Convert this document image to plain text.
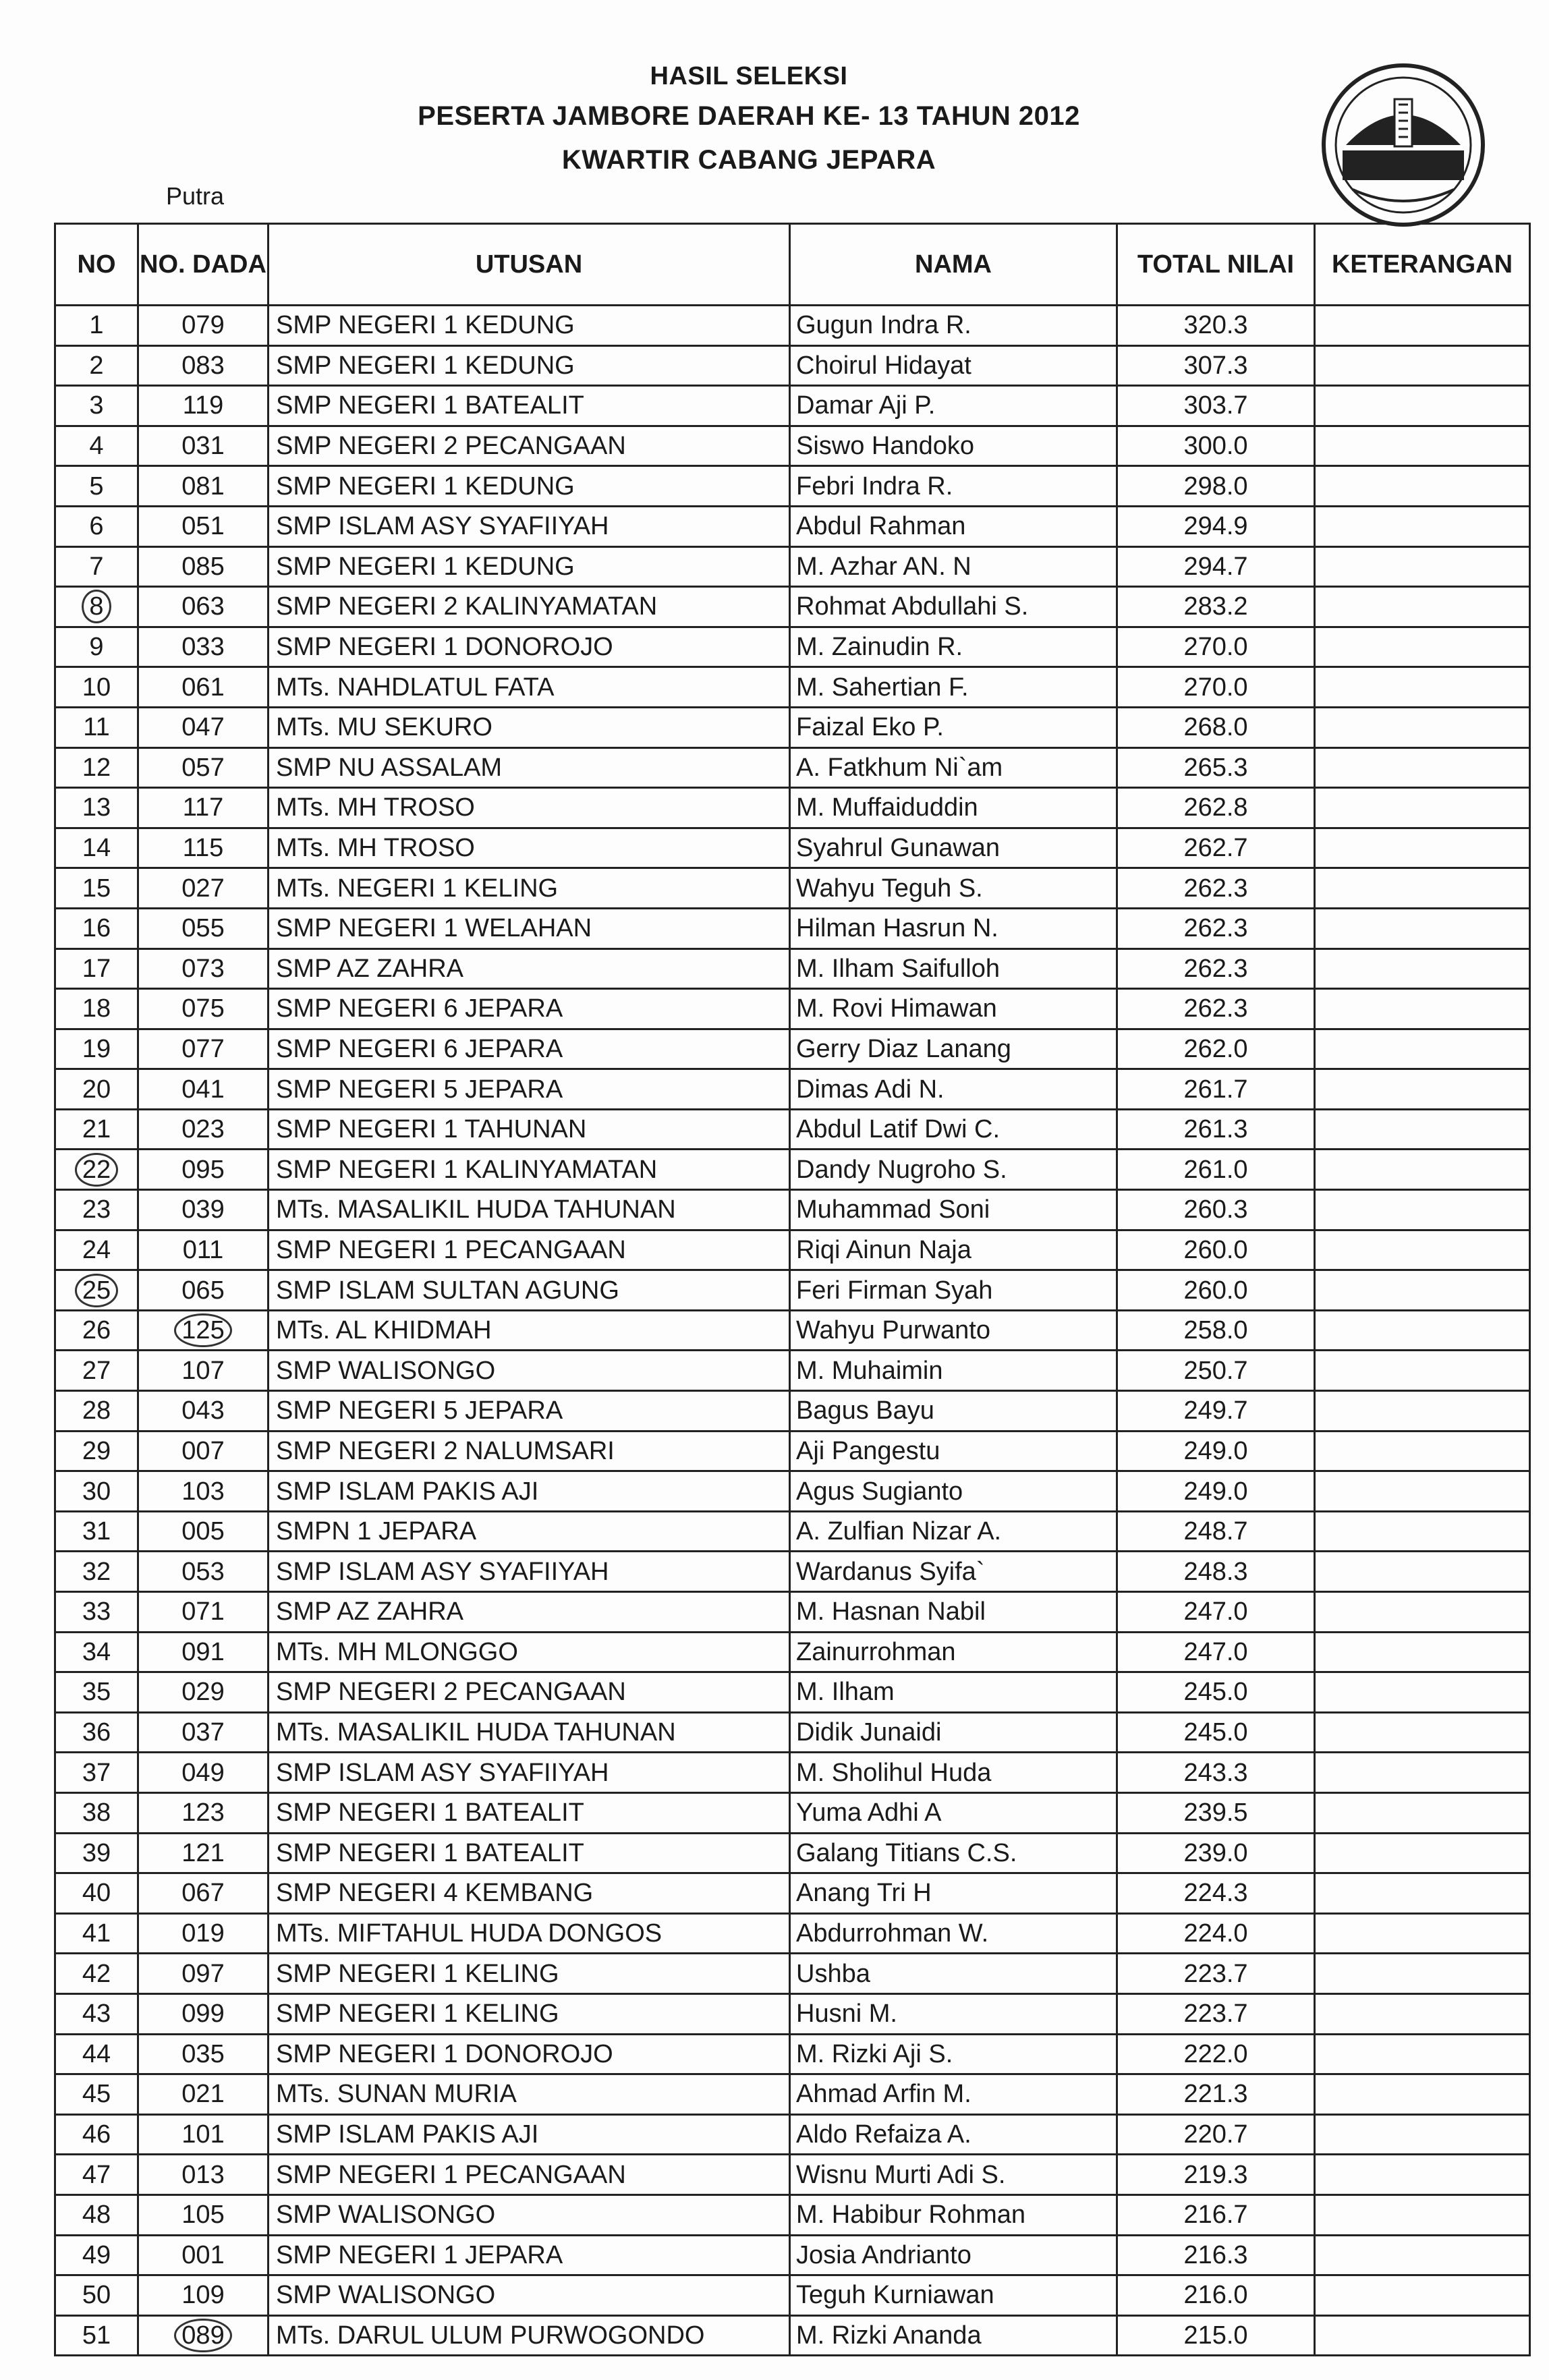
HASIL SELEKSI
PESERTA JAMBORE DAERAH KE- 13 TAHUN 2012
KWARTIR CABANG JEPARA
Putra
NO	NO. DADA	UTUSAN	NAMA	TOTAL NILAI	KETERANGAN
1	079	SMP NEGERI 1 KEDUNG	Gugun Indra R.	320.3	
2	083	SMP NEGERI 1 KEDUNG	Choirul Hidayat	307.3	
3	119	SMP NEGERI 1 BATEALIT	Damar Aji P.	303.7	
4	031	SMP NEGERI 2 PECANGAAN	Siswo Handoko	300.0	
5	081	SMP NEGERI 1 KEDUNG	Febri Indra R.	298.0	
6	051	SMP ISLAM ASY SYAFIIYAH	Abdul Rahman	294.9	
7	085	SMP NEGERI 1 KEDUNG	M. Azhar AN. N	294.7	
8	063	SMP NEGERI 2 KALINYAMATAN	Rohmat Abdullahi S.	283.2	
9	033	SMP NEGERI 1 DONOROJO	M. Zainudin R.	270.0	
10	061	MTs. NAHDLATUL FATA	M. Sahertian F.	270.0	
11	047	MTs. MU SEKURO	Faizal Eko P.	268.0	
12	057	SMP NU ASSALAM	A. Fatkhum Ni`am	265.3	
13	117	MTs. MH TROSO	M. Muffaiduddin	262.8	
14	115	MTs. MH TROSO	Syahrul Gunawan	262.7	
15	027	MTs. NEGERI 1 KELING	Wahyu Teguh S.	262.3	
16	055	SMP NEGERI 1 WELAHAN	Hilman Hasrun N.	262.3	
17	073	SMP AZ ZAHRA	M. Ilham Saifulloh	262.3	
18	075	SMP NEGERI 6 JEPARA	M. Rovi Himawan	262.3	
19	077	SMP NEGERI 6 JEPARA	Gerry Diaz Lanang	262.0	
20	041	SMP NEGERI 5 JEPARA	Dimas Adi N.	261.7	
21	023	SMP NEGERI 1 TAHUNAN	Abdul Latif Dwi C.	261.3	
22	095	SMP NEGERI 1 KALINYAMATAN	Dandy Nugroho S.	261.0	
23	039	MTs. MASALIKIL HUDA TAHUNAN	Muhammad Soni	260.3	
24	011	SMP NEGERI 1 PECANGAAN	Riqi Ainun Naja	260.0	
25	065	SMP ISLAM SULTAN AGUNG	Feri Firman Syah	260.0	
26	125	MTs. AL KHIDMAH	Wahyu Purwanto	258.0	
27	107	SMP WALISONGO	M. Muhaimin	250.7	
28	043	SMP NEGERI 5 JEPARA	Bagus Bayu	249.7	
29	007	SMP NEGERI 2 NALUMSARI	Aji Pangestu	249.0	
30	103	SMP ISLAM PAKIS AJI	Agus Sugianto	249.0	
31	005	SMPN 1 JEPARA	A. Zulfian Nizar A.	248.7	
32	053	SMP ISLAM ASY SYAFIIYAH	Wardanus Syifa`	248.3	
33	071	SMP AZ ZAHRA	M. Hasnan Nabil	247.0	
34	091	MTs. MH MLONGGO	Zainurrohman	247.0	
35	029	SMP NEGERI 2 PECANGAAN	M. Ilham	245.0	
36	037	MTs. MASALIKIL HUDA TAHUNAN	Didik Junaidi	245.0	
37	049	SMP ISLAM ASY SYAFIIYAH	M. Sholihul Huda	243.3	
38	123	SMP NEGERI 1 BATEALIT	Yuma Adhi A	239.5	
39	121	SMP NEGERI 1 BATEALIT	Galang Titians C.S.	239.0	
40	067	SMP NEGERI 4 KEMBANG	Anang Tri H	224.3	
41	019	MTs. MIFTAHUL HUDA DONGOS	Abdurrohman W.	224.0	
42	097	SMP NEGERI 1 KELING	Ushba	223.7	
43	099	SMP NEGERI 1 KELING	Husni M.	223.7	
44	035	SMP NEGERI 1 DONOROJO	M. Rizki Aji S.	222.0	
45	021	MTs. SUNAN MURIA	Ahmad Arfin M.	221.3	
46	101	SMP ISLAM PAKIS AJI	Aldo Refaiza A.	220.7	
47	013	SMP NEGERI 1 PECANGAAN	Wisnu Murti Adi S.	219.3	
48	105	SMP WALISONGO	M. Habibur Rohman	216.7	
49	001	SMP NEGERI 1 JEPARA	Josia Andrianto	216.3	
50	109	SMP WALISONGO	Teguh Kurniawan	216.0	
51	089	MTs. DARUL ULUM PURWOGONDO	M. Rizki Ananda	215.0	
